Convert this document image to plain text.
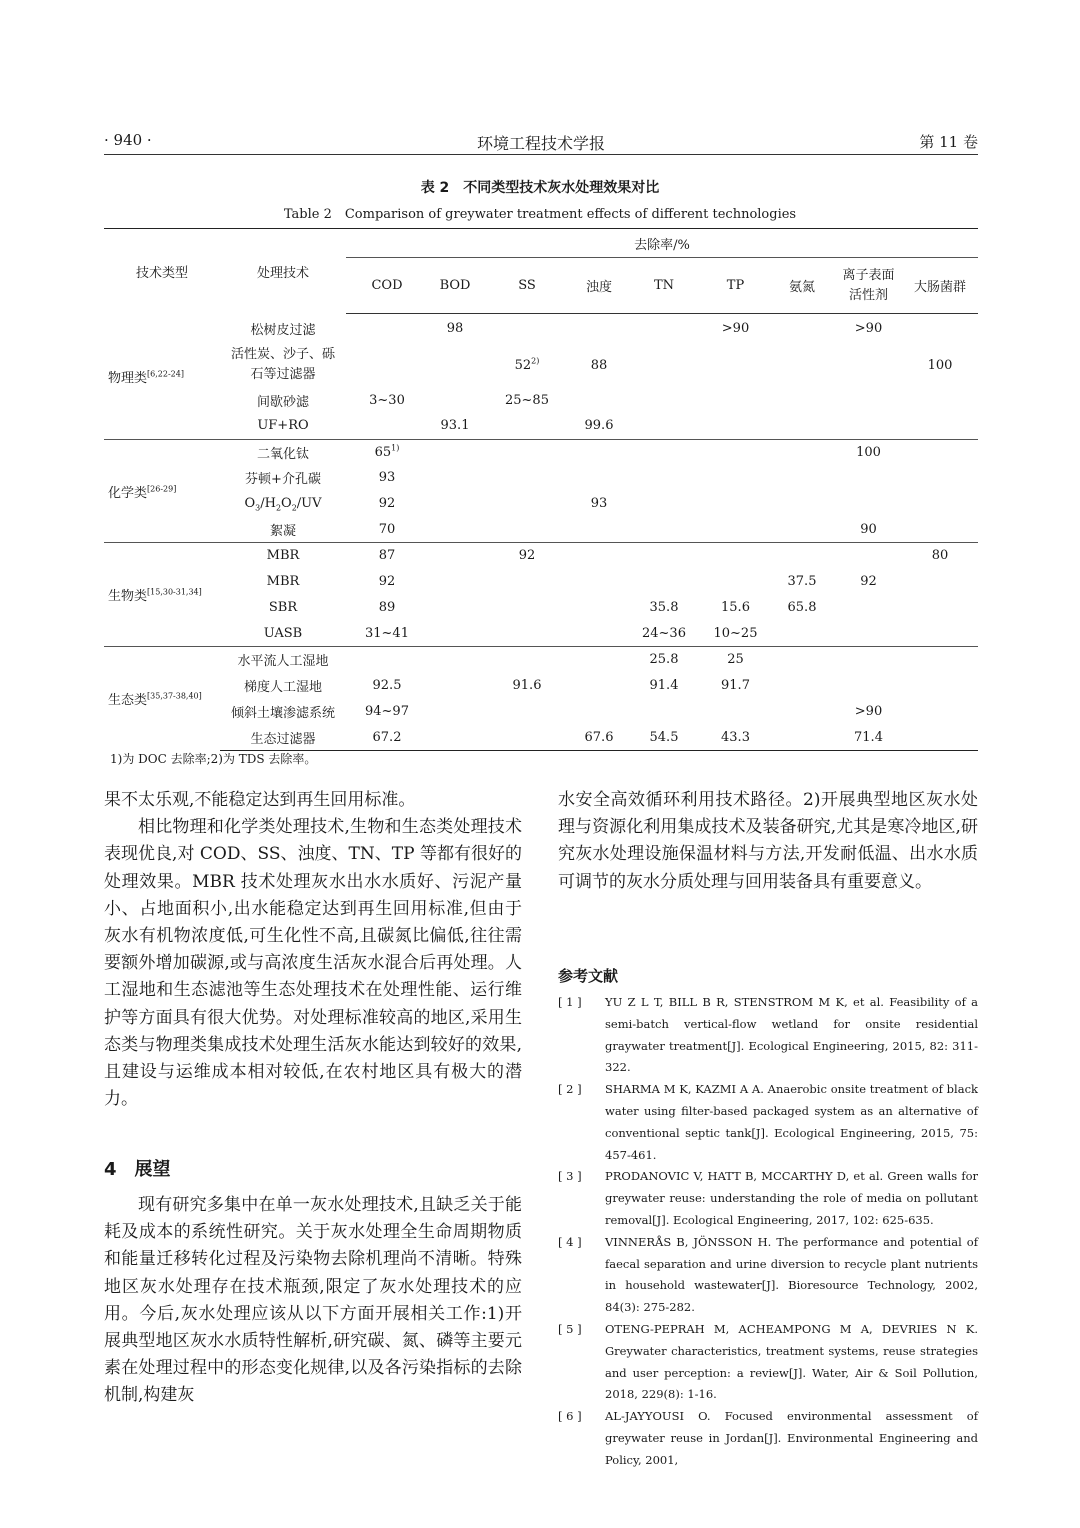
· 940 ·	环境工程技术学报	第 11 卷
表 2　不同类型技术灰水处理效果对比
Table 2　Comparison of greywater treatment effects of different technologies
技术类型	处理技术	去除率/%								
		COD	BOD	SS	浊度	TN	TP	氨氮	离子表面活性剂	大肠菌群
物理类[6,22-24]	松树皮过滤		98				>90		>90	
	活性炭、沙子、砾石等过滤器			52$^{2)}$	88					100
	间歇砂滤	3~30		25~85						
	UF+RO		93.1		99.6					
化学类[26-29]	二氧化钛	65$^{1)}$							100	
	芬顿+介孔碳	93								
	$O_3/H_2O_2/UV$	92			93					
	絮凝	70							90	
生物类[15,30-31,34]	MBR	87		92						80
	MBR	92						37.5	92	
	SBR	89				35.8	15.6	65.8		
	UASB	31~41				24~36	10~25			
生态类[35,37-38,40]	水平流人工湿地					25.8	25			
	梯度人工湿地	92.5		91.6		91.4	91.7			
	倾斜土壤渗滤系统	94~97							>90	
	生态过滤器	67.2			67.6	54.5	43.3		71.4	
1)为 DOC 去除率;2)为 TDS 去除率。

果不太乐观,不能稳定达到再生回用标准。

相比物理和化学类处理技术,生物和生态类处理技术表现优良,对 COD、SS、浊度、TN、TP 等都有很好的处理效果。MBR 技术处理灰水出水水质好、污泥产量小、占地面积小,出水能稳定达到再生回用标准,但由于灰水有机物浓度低,可生化性不高,且碳氮比偏低,往往需要额外增加碳源,或与高浓度生活灰水混合后再处理。人工湿地和生态滤池等生态处理技术在处理性能、运行维护等方面具有很大优势。对处理标准较高的地区,采用生态类与物理类集成技术处理生活灰水能达到较好的效果,且建设与运维成本相对较低,在农村地区具有极大的潜力。

4 展望

现有研究多集中在单一灰水处理技术,且缺乏关于能耗及成本的系统性研究。关于灰水处理全生命周期物质和能量迁移转化过程及污染物去除机理尚不清晰。特殊地区灰水处理存在技术瓶颈,限定了灰水处理技术的应用。今后,灰水处理应该从以下方面开展相关工作:1)开展典型地区灰水水质特性解析,研究碳、氮、磷等主要元素在处理过程中的形态变化规律,以及各污染指标的去除机制,构建灰

水安全高效循环利用技术路径。2)开展典型地区灰水处理与资源化利用集成技术及装备研究,尤其是寒冷地区,研究灰水处理设施保温材料与方法,开发耐低温、出水水质可调节的灰水分质处理与回用装备具有重要意义。

参考文献
[ 1 ] YU Z L T, BILL B R, STENSTROM M K, et al. Feasibility of a semi-batch vertical-flow wetland for onsite residential graywater treatment[J]. Ecological Engineering, 2015, 82: 311-322.
[ 2 ] SHARMA M K, KAZMI A A. Anaerobic onsite treatment of black water using filter-based packaged system as an alternative of conventional septic tank[J]. Ecological Engineering, 2015, 75: 457-461.
[ 3 ] PRODANOVIC V, HATT B, MCCARTHY D, et al. Green walls for greywater reuse: understanding the role of media on pollutant removal[J]. Ecological Engineering, 2017, 102: 625-635.
[ 4 ] VINNERÅS B, JÖNSSON H. The performance and potential of faecal separation and urine diversion to recycle plant nutrients in household wastewater[J]. Bioresource Technology, 2002, 84(3): 275-282.
[ 5 ] OTENG-PEPRAH M, ACHEAMPONG M A, DEVRIES N K. Greywater characteristics, treatment systems, reuse strategies and user perception: a review[J]. Water, Air & Soil Pollution, 2018, 229(8): 1-16.
[ 6 ] AL-JAYYOUSI O. Focused environmental assessment of greywater reuse in Jordan[J]. Environmental Engineering and Policy, 2001,
